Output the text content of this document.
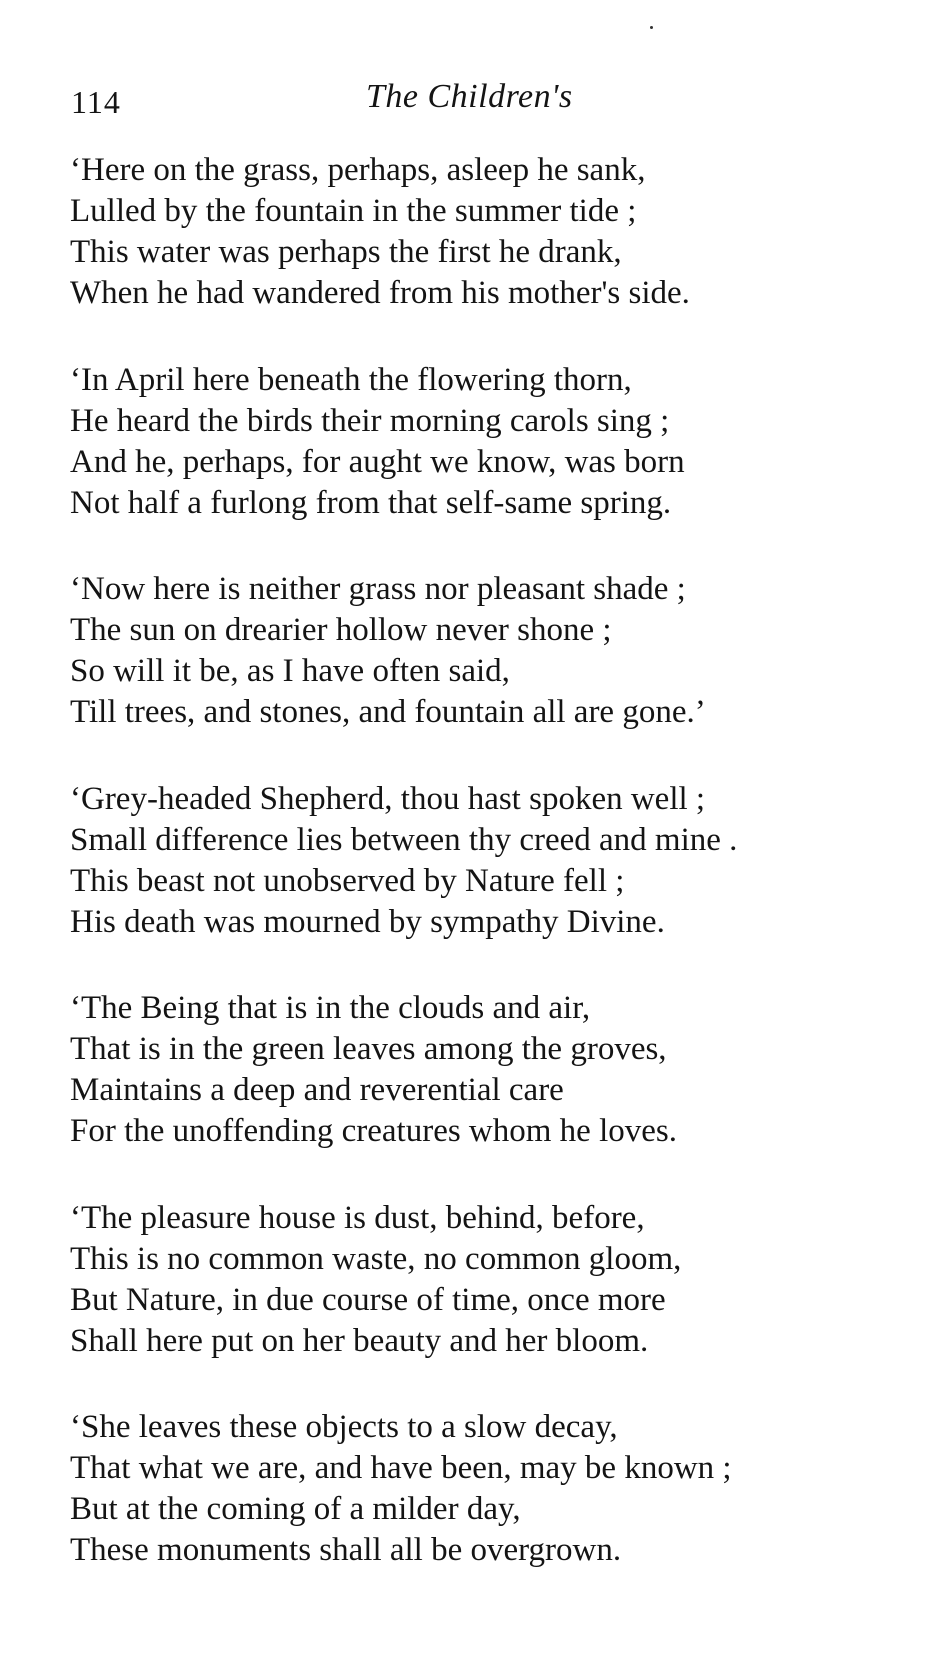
114	The Children's
‘Here on the grass, perhaps, asleep he sank,
Lulled by the fountain in the summer tide ;
This water was perhaps the first he drank,
When he had wandered from his mother's side.
‘In April here beneath the flowering thorn,
He heard the birds their morning carols sing ;
And he, perhaps, for aught we know, was born
Not half a furlong from that self-same spring.
‘Now here is neither grass nor pleasant shade ;
The sun on drearier hollow never shone ;
So will it be, as I have often said,
Till trees, and stones, and fountain all are gone.’
‘Grey-headed Shepherd, thou hast spoken well ;
Small difference lies between thy creed and mine .
This beast not unobserved by Nature fell ;
His death was mourned by sympathy Divine.
‘The Being that is in the clouds and air,
That is in the green leaves among the groves,
Maintains a deep and reverential care
For the unoffending creatures whom he loves.
‘The pleasure house is dust, behind, before,
This is no common waste, no common gloom,
But Nature, in due course of time, once more
Shall here put on her beauty and her bloom.
‘She leaves these objects to a slow decay,
That what we are, and have been, may be known ;
But at the coming of a milder day,
These monuments shall all be overgrown.
